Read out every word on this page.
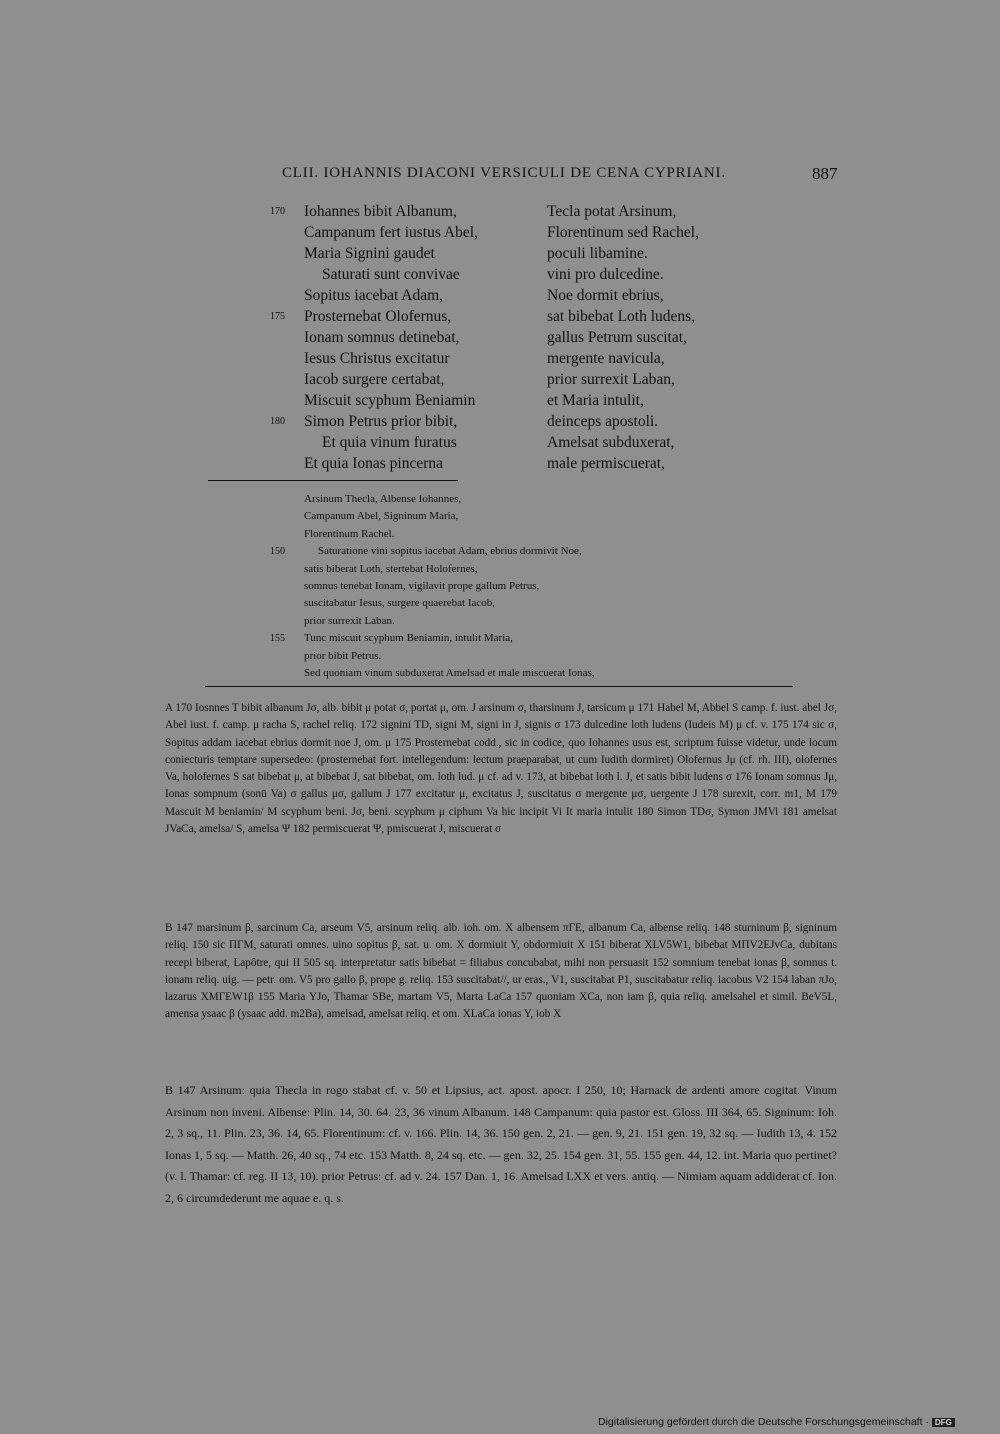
CLII. IOHANNIS DIACONI VERSICULI DE CENA CYPRIANI.	887
170 Iohannes bibit Albanum,	Tecla potat Arsinum,
Campanum fert iustus Abel,	Florentinum sed Rachel,
Maria Signini gaudet	poculi libamine.
Saturati sunt convivae	vini pro dulcedine.
Sopitus iacebat Adam,	Noe dormit ebrius,
175 Prosternebat Olofernus,	sat bibebat Loth ludens,
Ionam somnus detinebat,	gallus Petrum suscitat,
Iesus Christus excitatur	mergente navicula,
Iacob surgere certabat,	prior surrexit Laban,
Miscuit scyphum Beniamin	et Maria intulit,
180 Simon Petrus prior bibit,	deinceps apostoli.
Et quia vinum furatus	Amelsat subduxerat,
Et quia Ionas pincerna	male permiscuerat,
Arsinum Thecla, Albense Iohannes,
Campanum Abel, Signinum Maria,
Florentinum Rachel.
150	Saturatione vini sopitus iacebat Adam, ebrius dormivit Noe,
satis biberat Loth, stertebat Holofernes,
somnus tenebat Ionam, vigilavit prope gallum Petrus,
suscitabatur Iesus, surgere quaerebat Iacob,
prior surrexit Laban.
155 Tunc miscuit scyphum Beniamin, intulit Maria,
prior bibit Petrus.
Sed quoniam vinum subduxerat Amelsad et male miscuerat Ionas,
A 170 Iosnnes T bibit albanum Jσ, alb. bibit μ potat σ, portat μ, om. J arsinum σ, tharsinum J, tarsicum μ 171 Habel M, Abbel S camp. f. iust. abel Jσ, Abel iust. f. camp. μ racha S, rachel reliq. 172 signini TD, signi M, signi in J, signis σ 173 dulcedine loth ludens (Iudeis M) μ cf. v. 175 174 sic σ, Sopitus addam iacebat ebrius dormit noe J, om. μ 175 Prosternebat codd., sic in codice, quo Iohannes usus est, scriptum fuisse videtur, unde locum coniecturis temptare supersedeo: (prosternebat fort. intellegendum: lectum praeparabat, ut cum Iudith dormiret) Olofernus Jμ (cf. rh. III), olofernes Va, holofernes S sat bibebat μ, at bibebat J, sat bibebat, om. loth lud. μ cf. ad v. 173, at bibebat loth l. J, et satis bibit ludens σ 176 Ionam somnus Jμ, Ionas sompnum (sonū Va) σ gallus μσ, gallum J 177 excitatur μ, excitatus J, suscitatus σ mergente μσ, uergente J 178 surexit, corr. m1, M 179 Mascuit M beniamin/ M scyphum beni. Jσ, beni. scyphum μ ciphum Va hic incipit Vi It maria intulit 180 Simon TDσ, Symon JMVi 181 amelsat JVaCa, amelsa/ S, amelsa Ψ 182 permiscuerat Ψ, pmiscuerat J, miscuerat σ
B 147 marsinum β, sarcinum Ca, arseum V5, arsinum reliq. alb. ioh. om. X albensem πΓE, albanum Ca, albense reliq. 148 sturninum β, signinum reliq. 150 sic ΠΓM, saturati omnes. uino sopitus β, sat. u. om. X dormiuit Y, obdormiuit X 151 biberat XLV5W1, bibebat MΠV2EJvCa, dubitans recepi biberat, Lapôtre, qui II 505 sq. interpretatur satis bibebat = filiabus concubabat, mihi non persuasit 152 somnium tenebat ionas β, somnus t. ionam reliq. uig. — petr. om. V5 pro gallo β, prope g. reliq. 153 suscitabat//, ur eras., V1, suscitabat P1, suscitabatur reliq. iacobus V2 154 laban πJo, lazarus XMΓEW1β 155 Maria YJo, Thamar SBe, martam V5, Marta LaCa 157 quoniam XCa, non iam β, quia reliq. amelsahel et simil. BeV5L, amensa ysaac β (ysaac add. m2Ba), amelsad, amelsat reliq. et om. XLaCa ionas Y, iob X
B 147 Arsinum: quia Thecla in rogo stabat cf. v. 50 et Lipsius, act. apost. apocr. I 250, 10; Harnack de ardenti amore cogitat. Vinum Arsinum non inveni. Albense: Plin. 14, 30. 64. 23, 36 vinum Albanum. 148 Campanum: quia pastor est. Gloss. III 364, 65. Signinum: Ioh. 2, 3 sq., 11. Plin. 23, 36. 14, 65. Florentinum: cf. v. 166. Plin. 14, 36. 150 gen. 2, 21. — gen. 9, 21. 151 gen. 19, 32 sq. — Iudith 13, 4. 152 Ionas 1, 5 sq. — Matth. 26, 40 sq., 74 etc. 153 Matth. 8, 24 sq. etc. — gen. 32, 25. 154 gen. 31, 55. 155 gen. 44, 12. int. Maria quo pertinet? (v. l. Thamar: cf. reg. II 13, 10). prior Petrus: cf. ad v. 24. 157 Dan. 1, 16. Amelsad LXX et vers. antiq. — Nimiam aquam addiderat cf. Ion. 2, 6 circumdederunt me aquae e. q. s.
Digitalisierung gefördert durch die Deutsche Forschungsgemeinschaft · DFG
